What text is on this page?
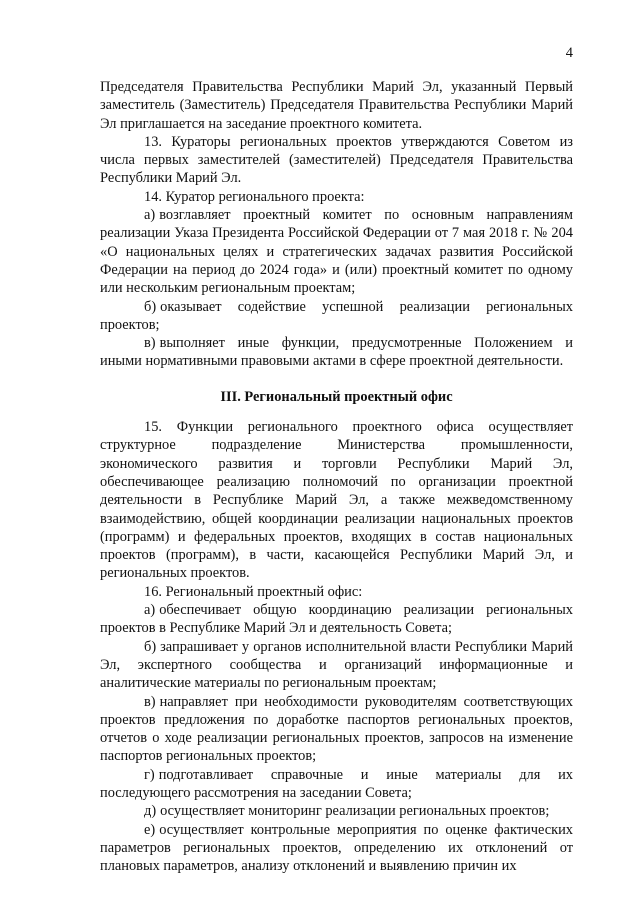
4

Председателя Правительства Республики Марий Эл, указанный Первый заместитель (Заместитель) Председателя Правительства Республики Марий Эл приглашается на заседание проектного комитета.

13. Кураторы региональных проектов утверждаются Советом из числа первых заместителей (заместителей) Председателя Правительства Республики Марий Эл.

14. Куратор регионального проекта:

а) возглавляет проектный комитет по основным направлениям реализации Указа Президента Российской Федерации от 7 мая 2018 г. № 204 «О национальных целях и стратегических задачах развития Российской Федерации на период до 2024 года» и (или) проектный комитет по одному или нескольким региональным проектам;

б) оказывает содействие успешной реализации региональных проектов;

в) выполняет иные функции, предусмотренные Положением и иными нормативными правовыми актами в сфере проектной деятельности.

III. Региональный проектный офис

15. Функции регионального проектного офиса осуществляет структурное подразделение Министерства промышленности, экономического развития и торговли Республики Марий Эл, обеспечивающее реализацию полномочий по организации проектной деятельности в Республике Марий Эл, а также межведомственному взаимодействию, общей координации реализации национальных проектов (программ) и федеральных проектов, входящих в состав национальных проектов (программ), в части, касающейся Республики Марий Эл, и региональных проектов.

16. Региональный проектный офис:

а) обеспечивает общую координацию реализации региональных проектов в Республике Марий Эл и деятельность Совета;

б) запрашивает у органов исполнительной власти Республики Марий Эл, экспертного сообщества и организаций информационные и аналитические материалы по региональным проектам;

в) направляет при необходимости руководителям соответствующих проектов предложения по доработке паспортов региональных проектов, отчетов о ходе реализации региональных проектов, запросов на изменение паспортов региональных проектов;

г) подготавливает справочные и иные материалы для их последующего рассмотрения на заседании Совета;

д) осуществляет мониторинг реализации региональных проектов;

е) осуществляет контрольные мероприятия по оценке фактических параметров региональных проектов, определению их отклонений от плановых параметров, анализу отклонений и выявлению причин их
